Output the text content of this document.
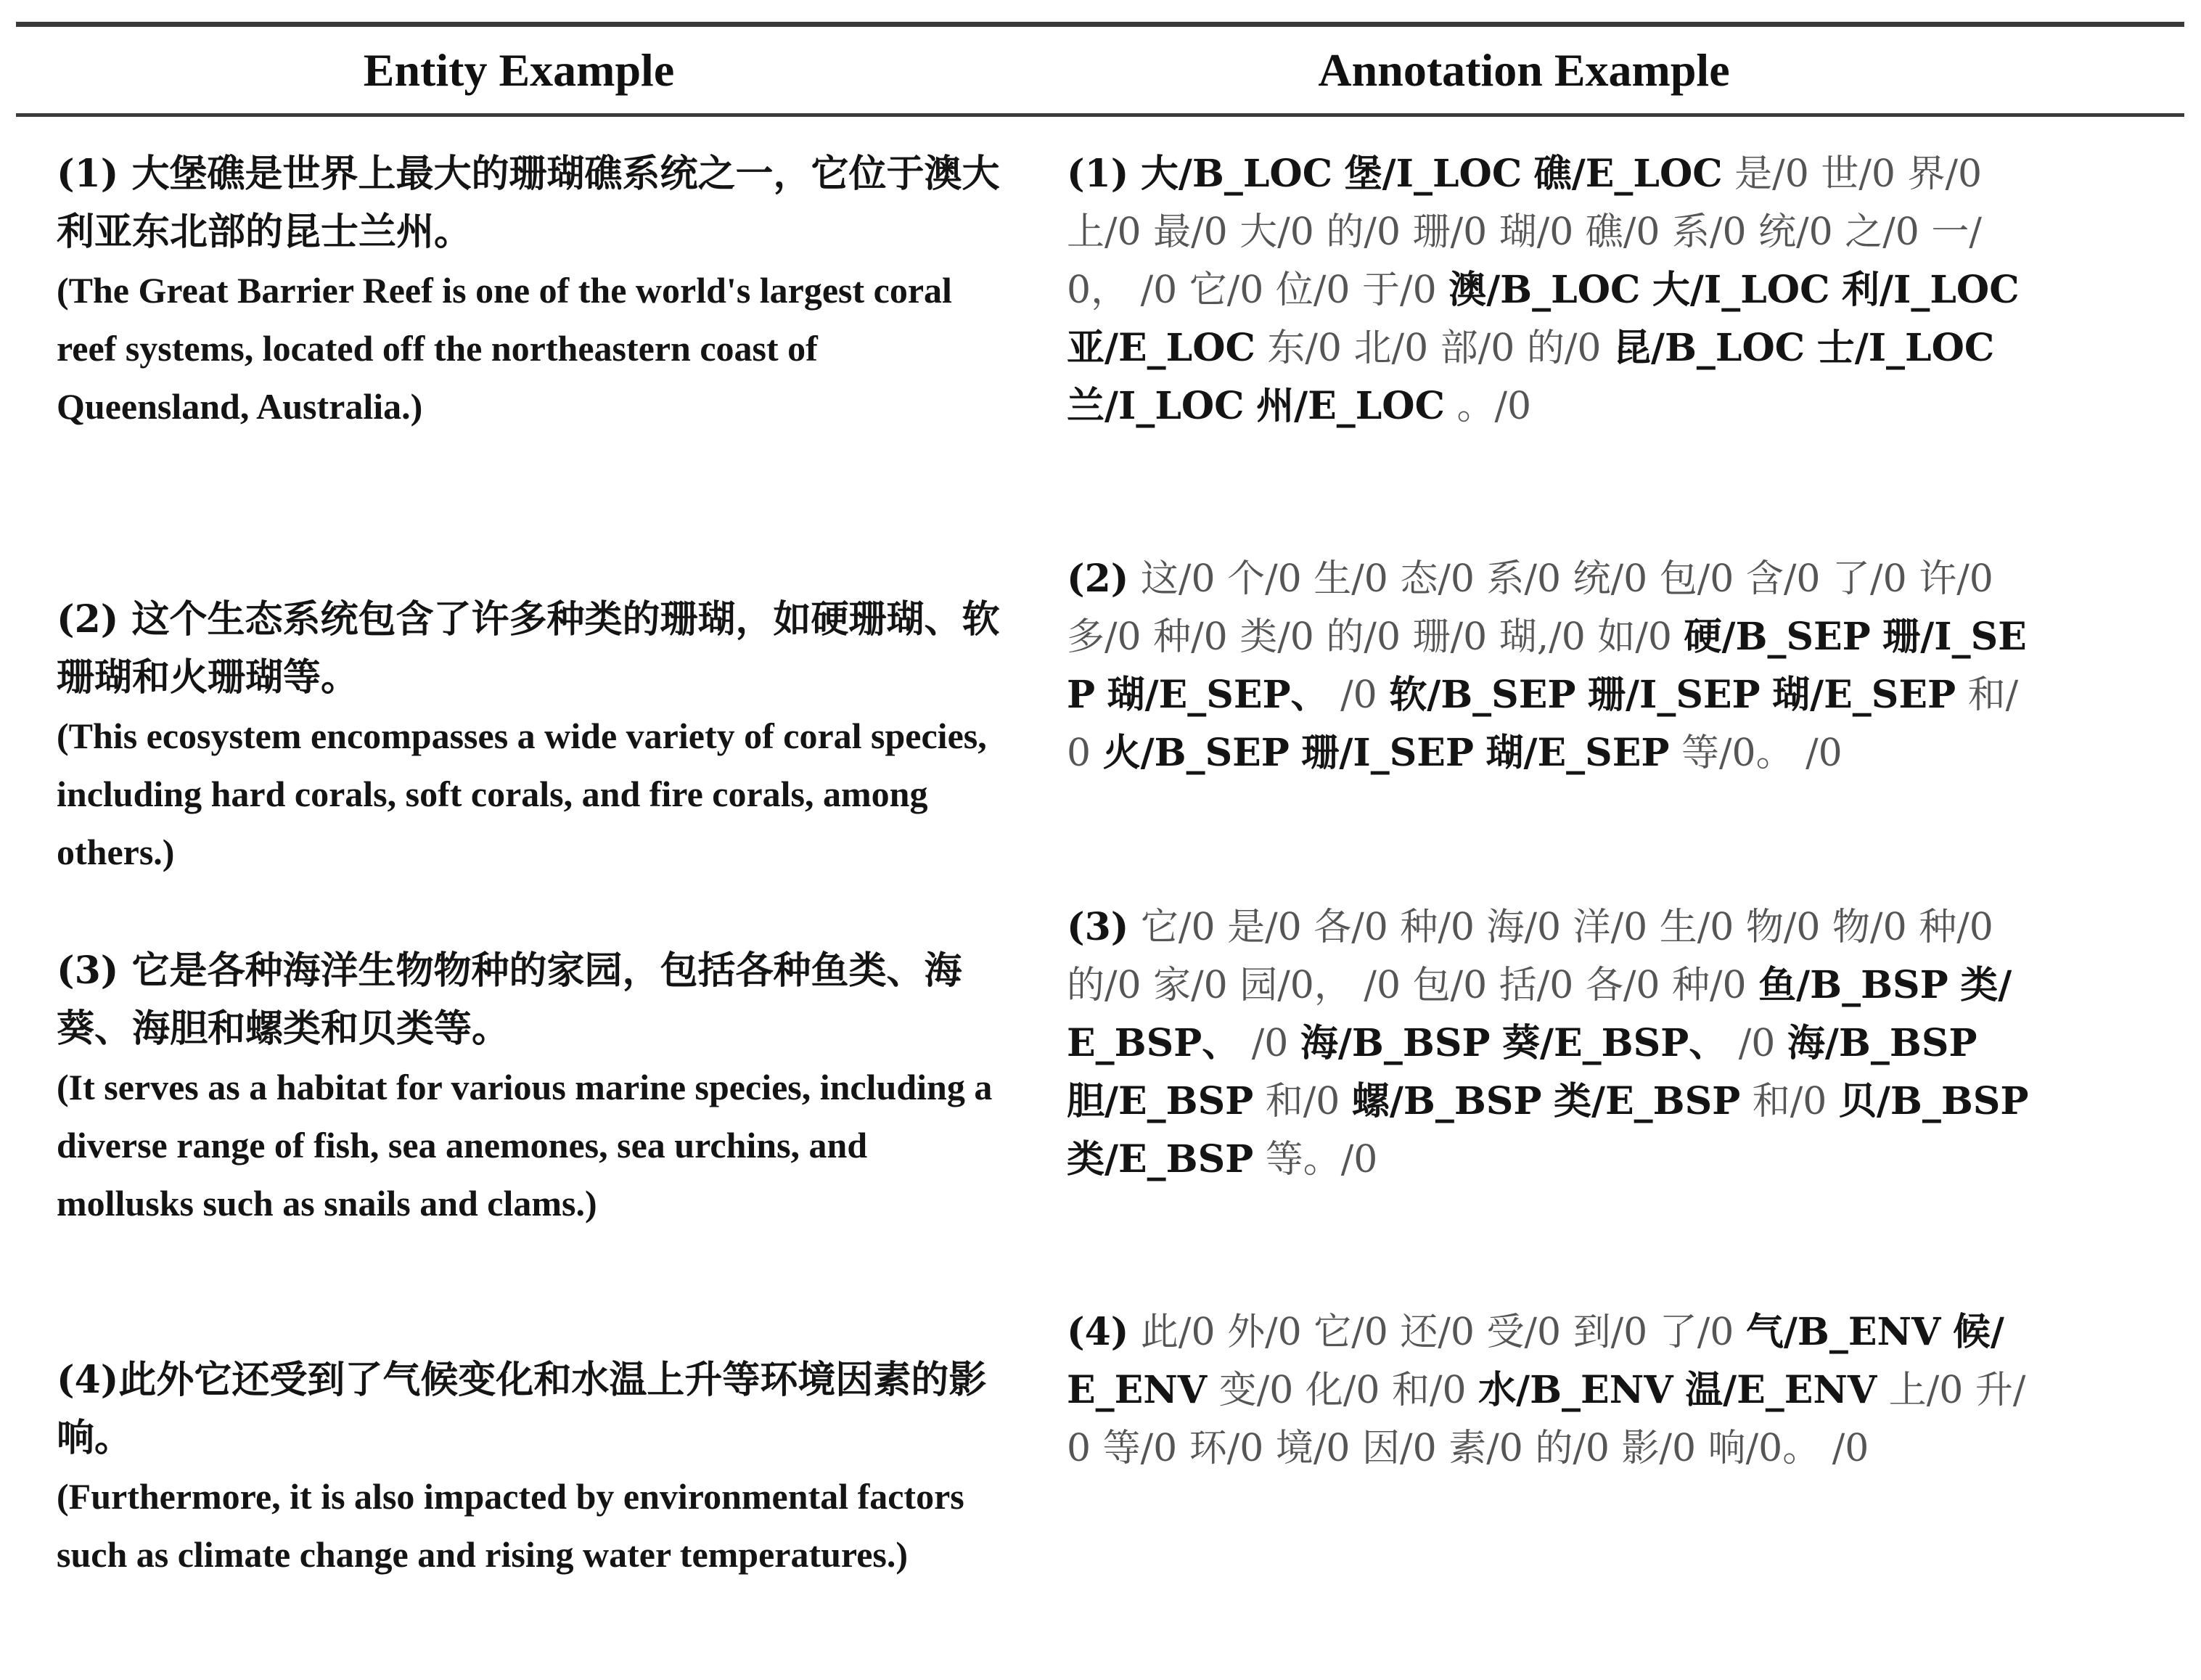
Entity Example	Annotation Example

(1) 大堡礁是世界上最大的珊瑚礁系统之一，它位于澳大利亚东北部的昆士兰州。

(The Great Barrier Reef is one of the world's largest coral reef systems, located off the northeastern coast of Queensland, Australia.)

(2) 这个生态系统包含了许多种类的珊瑚，如硬珊瑚、软珊瑚和火珊瑚等。

(This ecosystem encompasses a wide variety of coral species, including hard corals, soft corals, and fire corals, among others.)

(3) 它是各种海洋生物物种的家园，包括各种鱼类、海葵、海胆和螺类和贝类等。

(It serves as a habitat for various marine species, including a diverse range of fish, sea anemones, sea urchins, and mollusks such as snails and clams.)

(4)此外它还受到了气候变化和水温上升等环境因素的影响。

(Furthermore, it is also impacted by environmental factors such as climate change and rising water temperatures.)

(1) 大/B_LOC 堡/I_LOC 礁/E_LOC 是/0 世/0 界/0 上/0 最/0 大/0 的/0 珊/0 瑚/0 礁/0 系/0 统/0 之/0 一/0， /0 它/0 位/0 于/0 澳/B_LOC 大/I_LOC 利/I_LOC 亚/E_LOC 东/0 北/0 部/0 的/0 昆/B_LOC 士/I_LOC 兰/I_LOC 州/E_LOC 。/0

(2) 这/0 个/0 生/0 态/0 系/0 统/0 包/0 含/0 了/0 许/0 多/0 种/0 类/0 的/0 珊/0 瑚,/0 如/0 硬/B_SEP 珊/I_SEP 瑚/E_SEP、 /0 软/B_SEP 珊/I_SEP 瑚/E_SEP 和/0 火/B_SEP 珊/I_SEP 瑚/E_SEP 等/0。 /0

(3) 它/0 是/0 各/0 种/0 海/0 洋/0 生/0 物/0 物/0 种/0 的/0 家/0 园/0， /0 包/0 括/0 各/0 种/0 鱼/B_BSP 类/E_BSP、 /0 海/B_BSP 葵/E_BSP、 /0 海/B_BSP 胆/E_BSP 和/0 螺/B_BSP 类/E_BSP 和/0 贝/B_BSP 类/E_BSP 等。/0

(4) 此/0 外/0 它/0 还/0 受/0 到/0 了/0 气/B_ENV 候/E_ENV 变/0 化/0 和/0 水/B_ENV 温/E_ENV 上/0 升/0 等/0 环/0 境/0 因/0 素/0 的/0 影/0 响/0。 /0
